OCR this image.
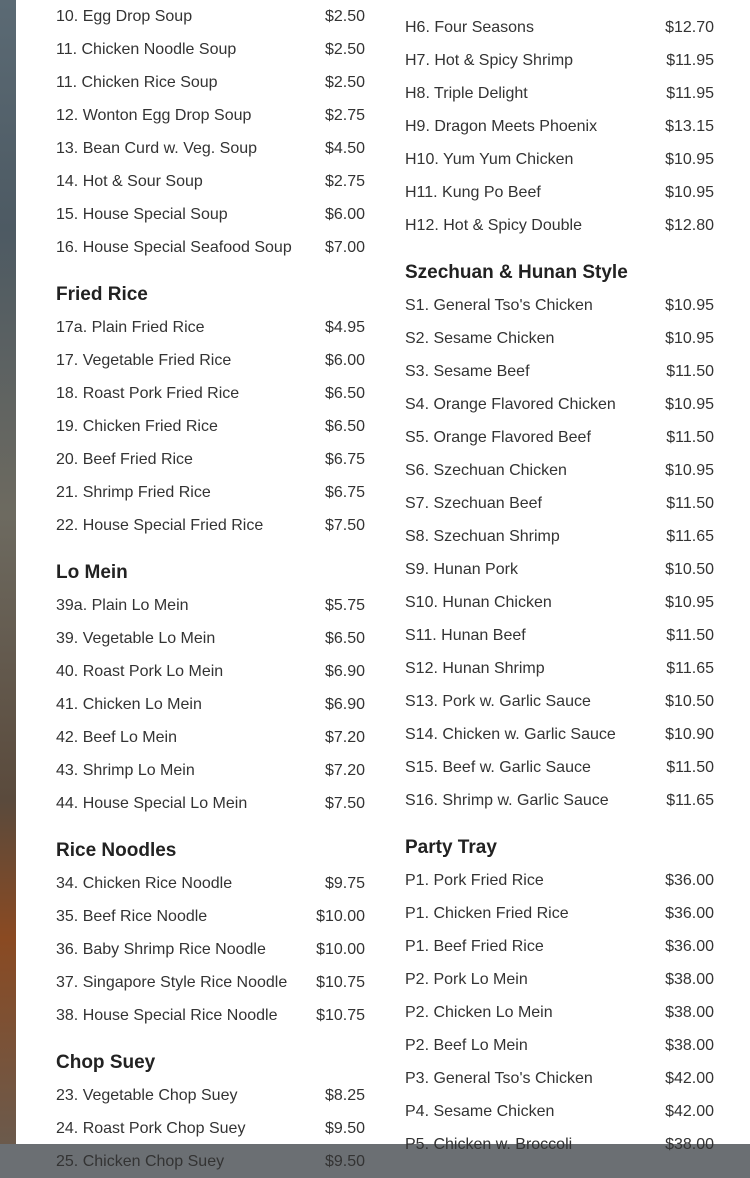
10. Egg Drop Soup	$2.50
11. Chicken Noodle Soup	$2.50
11. Chicken Rice Soup	$2.50
12. Wonton Egg Drop Soup	$2.75
13. Bean Curd w. Veg. Soup	$4.50
14. Hot & Sour Soup	$2.75
15. House Special Soup	$6.00
16. House Special Seafood Soup $7.00
Fried Rice
17a. Plain Fried Rice	$4.95
17. Vegetable Fried Rice	$6.00
18. Roast Pork Fried Rice	$6.50
19. Chicken Fried Rice	$6.50
20. Beef Fried Rice	$6.75
21. Shrimp Fried Rice	$6.75
22. House Special Fried Rice	$7.50
Lo Mein
39a. Plain Lo Mein	$5.75
39. Vegetable Lo Mein	$6.50
40. Roast Pork Lo Mein	$6.90
41. Chicken Lo Mein	$6.90
42. Beef Lo Mein	$7.20
43. Shrimp Lo Mein	$7.20
44. House Special Lo Mein	$7.50
Rice Noodles
34. Chicken Rice Noodle	$9.75
35. Beef Rice Noodle	$10.00
36. Baby Shrimp Rice Noodle	$10.00
37. Singapore Style Rice Noodle $10.75
38. House Special Rice Noodle $10.75
Chop Suey
23. Vegetable Chop Suey	$8.25
24. Roast Pork Chop Suey	$9.50
25. Chicken Chop Suey	$9.50
H6. Four Seasons	$12.70
H7. Hot & Spicy Shrimp	$11.95
H8. Triple Delight	$11.95
H9. Dragon Meets Phoenix	$13.15
H10. Yum Yum Chicken	$10.95
H11. Kung Po Beef	$10.95
H12. Hot & Spicy Double	$12.80
Szechuan & Hunan Style
S1. General Tso's Chicken	$10.95
S2. Sesame Chicken	$10.95
S3. Sesame Beef	$11.50
S4. Orange Flavored Chicken	$10.95
S5. Orange Flavored Beef	$11.50
S6. Szechuan Chicken	$10.95
S7. Szechuan Beef	$11.50
S8. Szechuan Shrimp	$11.65
S9. Hunan Pork	$10.50
S10. Hunan Chicken	$10.95
S11. Hunan Beef	$11.50
S12. Hunan Shrimp	$11.65
S13. Pork w. Garlic Sauce	$10.50
S14. Chicken w. Garlic Sauce	$10.90
S15. Beef w. Garlic Sauce	$11.50
S16. Shrimp w. Garlic Sauce	$11.65
Party Tray
P1. Pork Fried Rice	$36.00
P1. Chicken Fried Rice	$36.00
P1. Beef Fried Rice	$36.00
P2. Pork Lo Mein	$38.00
P2. Chicken Lo Mein	$38.00
P2. Beef Lo Mein	$38.00
P3. General Tso's Chicken	$42.00
P4. Sesame Chicken	$42.00
P5. Chicken w. Broccoli	$38.00
